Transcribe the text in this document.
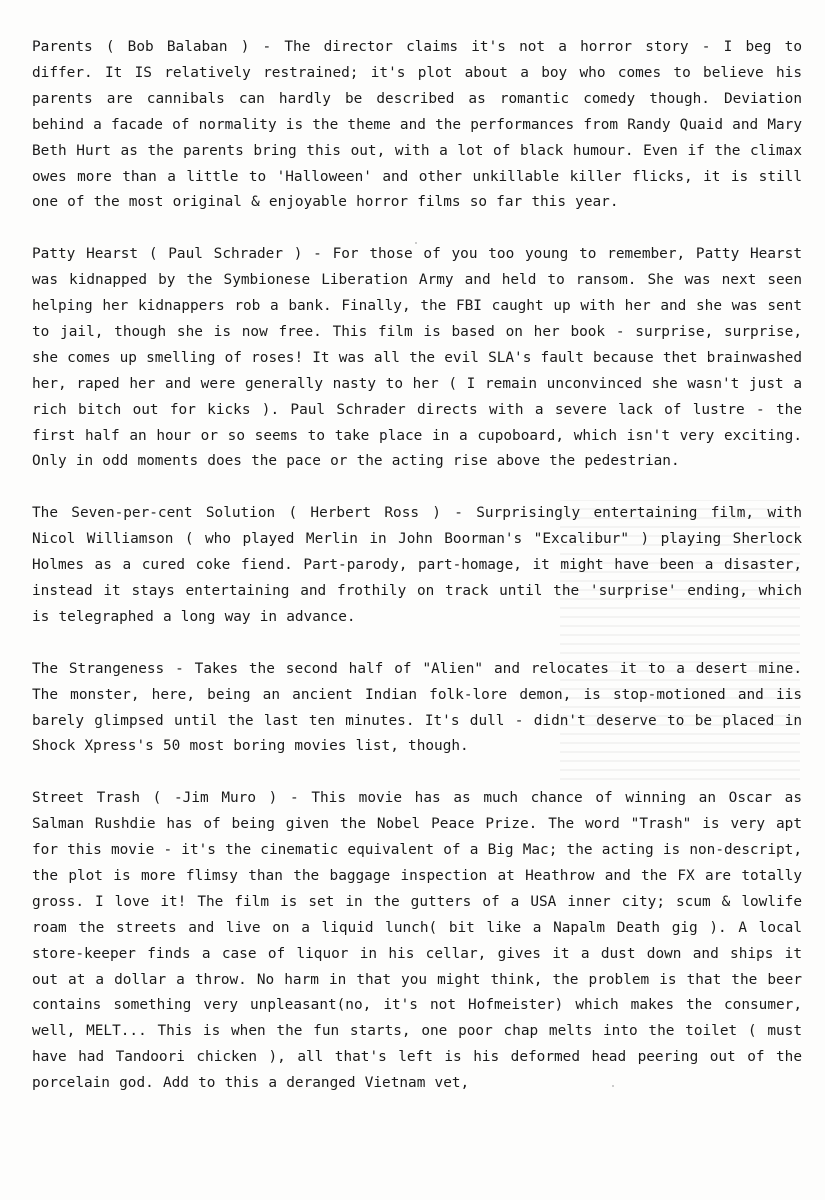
Parents ( Bob Balaban ) - The director claims it's not a horror story - I beg to differ. It IS relatively restrained; it's plot about a boy who comes to believe his parents are cannibals can hardly be described as romantic comedy though. Deviation behind a facade of normality is the theme and the performances from Randy Quaid and Mary Beth Hurt as the parents bring this out, with a lot of black humour. Even if the climax owes more than a little to 'Halloween' and other unkillable killer flicks, it is still one of the most original & enjoyable horror films so far this year.

Patty Hearst ( Paul Schrader ) - For those of you too young to remember, Patty Hearst was kidnapped by the Symbionese Liberation Army and held to ransom. She was next seen helping her kidnappers rob a bank. Finally, the FBI caught up with her and she was sent to jail, though she is now free. This film is based on her book - surprise, surprise, she comes up smelling of roses! It was all the evil SLA's fault because thet brainwashed her, raped her and were generally nasty to her ( I remain unconvinced she wasn't just a rich bitch out for kicks ). Paul Schrader directs with a severe lack of lustre - the first half an hour or so seems to take place in a cupoboard, which isn't very exciting. Only in odd moments does the pace or the acting rise above the pedestrian.

The Seven-per-cent Solution ( Herbert Ross ) - Surprisingly entertaining film, with Nicol Williamson ( who played Merlin in John Boorman's "Excalibur" ) playing Sherlock Holmes as a cured coke fiend. Part-parody, part-homage, it might have been a disaster, instead it stays entertaining and frothily on track until the 'surprise' ending, which is telegraphed a long way in advance.

The Strangeness - Takes the second half of "Alien" and relocates it to a desert mine. The monster, here, being an ancient Indian folk-lore demon, is stop-motioned and iis barely glimpsed until the last ten minutes. It's dull - didn't deserve to be placed in Shock Xpress's 50 most boring movies list, though.

Street Trash ( -Jim Muro ) - This movie has as much chance of winning an Oscar as Salman Rushdie has of being given the Nobel Peace Prize. The word "Trash" is very apt for this movie - it's the cinematic equivalent of a Big Mac; the acting is non-descript, the plot is more flimsy than the baggage inspection at Heathrow and the FX are totally gross. I love it! The film is set in the gutters of a USA inner city; scum & lowlife roam the streets and live on a liquid lunch( bit like a Napalm Death gig ). A local store-keeper finds a case of liquor in his cellar, gives it a dust down and ships it out at a dollar a throw. No harm in that you might think, the problem is that the beer contains something very unpleasant(no, it's not Hofmeister) which makes the consumer, well, MELT... This is when the fun starts, one poor chap melts into the toilet ( must have had Tandoori chicken ), all that's left is his deformed head peering out of the porcelain god. Add to this a deranged Vietnam vet,
